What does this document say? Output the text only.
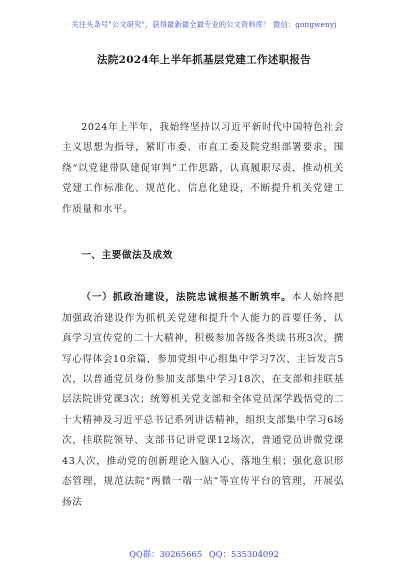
关注头条号"公文研究"，获得最新最全最专业的公文资料库！ 微信：gongwenyj
法院2024年上半年抓基层党建工作述职报告

2024年上半年，我始终坚持以习近平新时代中国特色社会主义思想为指导，紧盯市委、市直工委及院党组部署要求，围绕“以党建带队建促审判”工作思路，认真履职尽责，推动机关党建工作标准化、规范化、信息化建设，不断提升机关党建工作质量和水平。

一、主要做法及成效

（一）抓政治建设，法院忠诚根基不断筑牢。本人始终把加强政治建设作为抓机关党建和提升个人能力的首要任务，认真学习宣传党的二十大精神，积极参加各级各类读书班3次，撰写心得体会10余篇，参加党组中心组集中学习7次、主旨发言5次，以普通党员身份参加支部集中学习18次，在支部和挂联基层法院讲党课3次；统筹机关党支部和全体党员深学践悟党的二十大精神及习近平总书记系列讲话精神，组织支部集中学习6场次，挂联院领导、支部书记讲党课12场次，普通党员讲微党课43人次，推动党的创新理论入脑入心、落地生根；强化意识形态管理，规范法院“两微一端一站”等宣传平台的管理，开展弘扬法

QQ群：30265665 QQ：535304092
